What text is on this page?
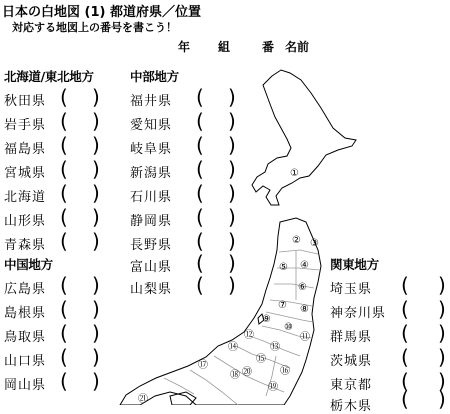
日本の白地図 (1) 都道府県／位置
対応する地図上の番号を書こう！
年 組	番 名前
①
② ③
④
⑤
⑥
⑦ ⑧
⑨
⑩
⑪
⑫
⑬
⑭
⑮
⑯
⑰
⑱
⑲
⑳
㉑
北海道/東北地方
秋田県
岩手県
福島県
宮城県
北海道
山形県
青森県
中国地方
広島県
島根県
鳥取県
山口県
岡山県
中部地方
福井県
愛知県
岐阜県
新潟県
石川県
静岡県
長野県
富山県
山梨県
関東地方
埼玉県
神奈川県
群馬県
茨城県
東京都
栃木県
( )
( )
( )
( )
( )
( )
( )
( )
( )
( )
( )
( )
( )
( )
( )
( )
( )
( )
( )
( )
( )	( )
( )
( )
( )
( )
( )
